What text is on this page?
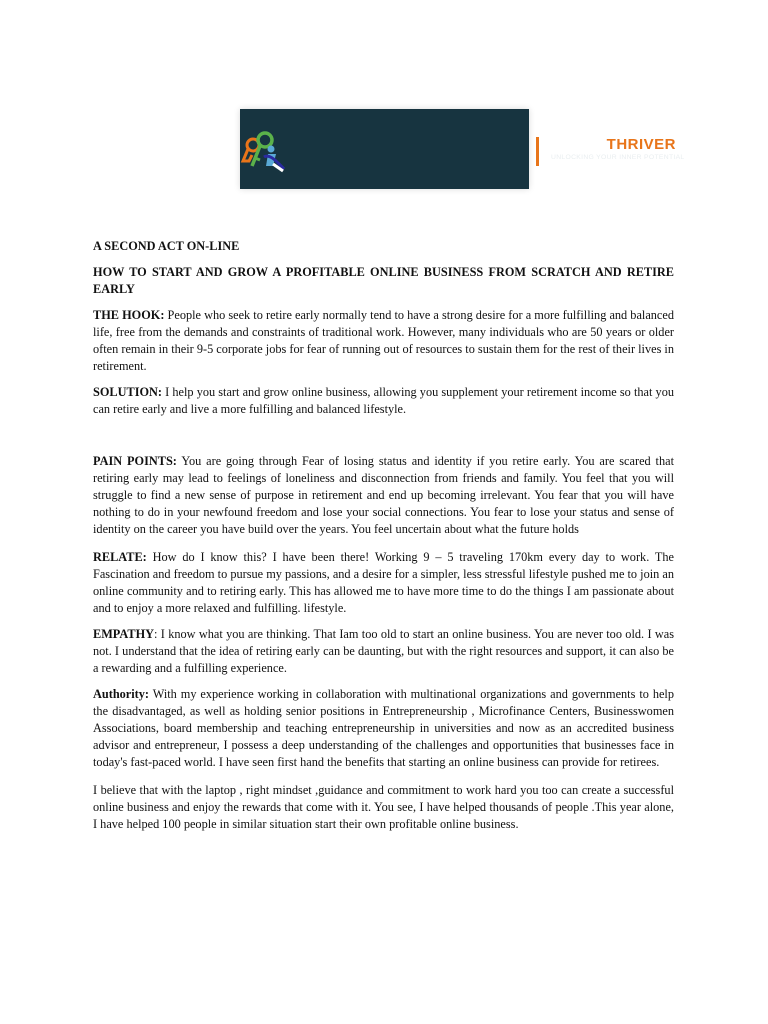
DREAMTHRIVER
UNLOCKING YOUR INNER POTENTIAL

A SECOND ACT ON-LINE

HOW TO START AND GROW A PROFITABLE ONLINE BUSINESS FROM SCRATCH AND RETIRE EARLY

THE HOOK: People who seek to retire early normally tend to have a strong desire for a more fulfilling and balanced life, free from the demands and constraints of traditional work. However, many individuals who are 50 years or older often remain in their 9-5 corporate jobs for fear of running out of resources to sustain them for the rest of their lives in retirement.

SOLUTION: I help you start and grow online business, allowing you supplement your retirement income so that you can retire early and live a more fulfilling and balanced lifestyle.

PAIN POINTS: You are going through Fear of losing status and identity if you retire early. You are scared that retiring early may lead to feelings of loneliness and disconnection from friends and family. You feel that you will struggle to find a new sense of purpose in retirement and end up becoming irrelevant. You fear that you will have nothing to do in your newfound freedom and lose your social connections. You fear to lose your status and sense of identity on the career you have build over the years. You feel uncertain about what the future holds

RELATE: How do I know this? I have been there! Working 9 – 5 traveling 170km every day to work. The Fascination and freedom to pursue my passions, and a desire for a simpler, less stressful lifestyle pushed me to join an online community and to retiring early. This has allowed me to have more time to do the things I am passionate about and to enjoy a more relaxed and fulfilling. lifestyle.

EMPATHY: I know what you are thinking. That Iam too old to start an online business. You are never too old. I was not. I understand that the idea of retiring early can be daunting, but with the right resources and support, it can also be a rewarding and a fulfilling experience.

Authority: With my experience working in collaboration with multinational organizations and governments to help the disadvantaged, as well as holding senior positions in Entrepreneurship , Microfinance Centers, Businesswomen Associations, board membership and teaching entrepreneurship in universities and now as an accredited business advisor and entrepreneur, I possess a deep understanding of the challenges and opportunities that businesses face in today's fast-paced world. I have seen first hand the benefits that starting an online business can provide for retirees.

I believe that with the laptop , right mindset ,guidance and commitment to work hard you too can create a successful online business and enjoy the rewards that come with it. You see, I have helped thousands of people .This year alone, I have helped 100 people in similar situation start their own profitable online business.
